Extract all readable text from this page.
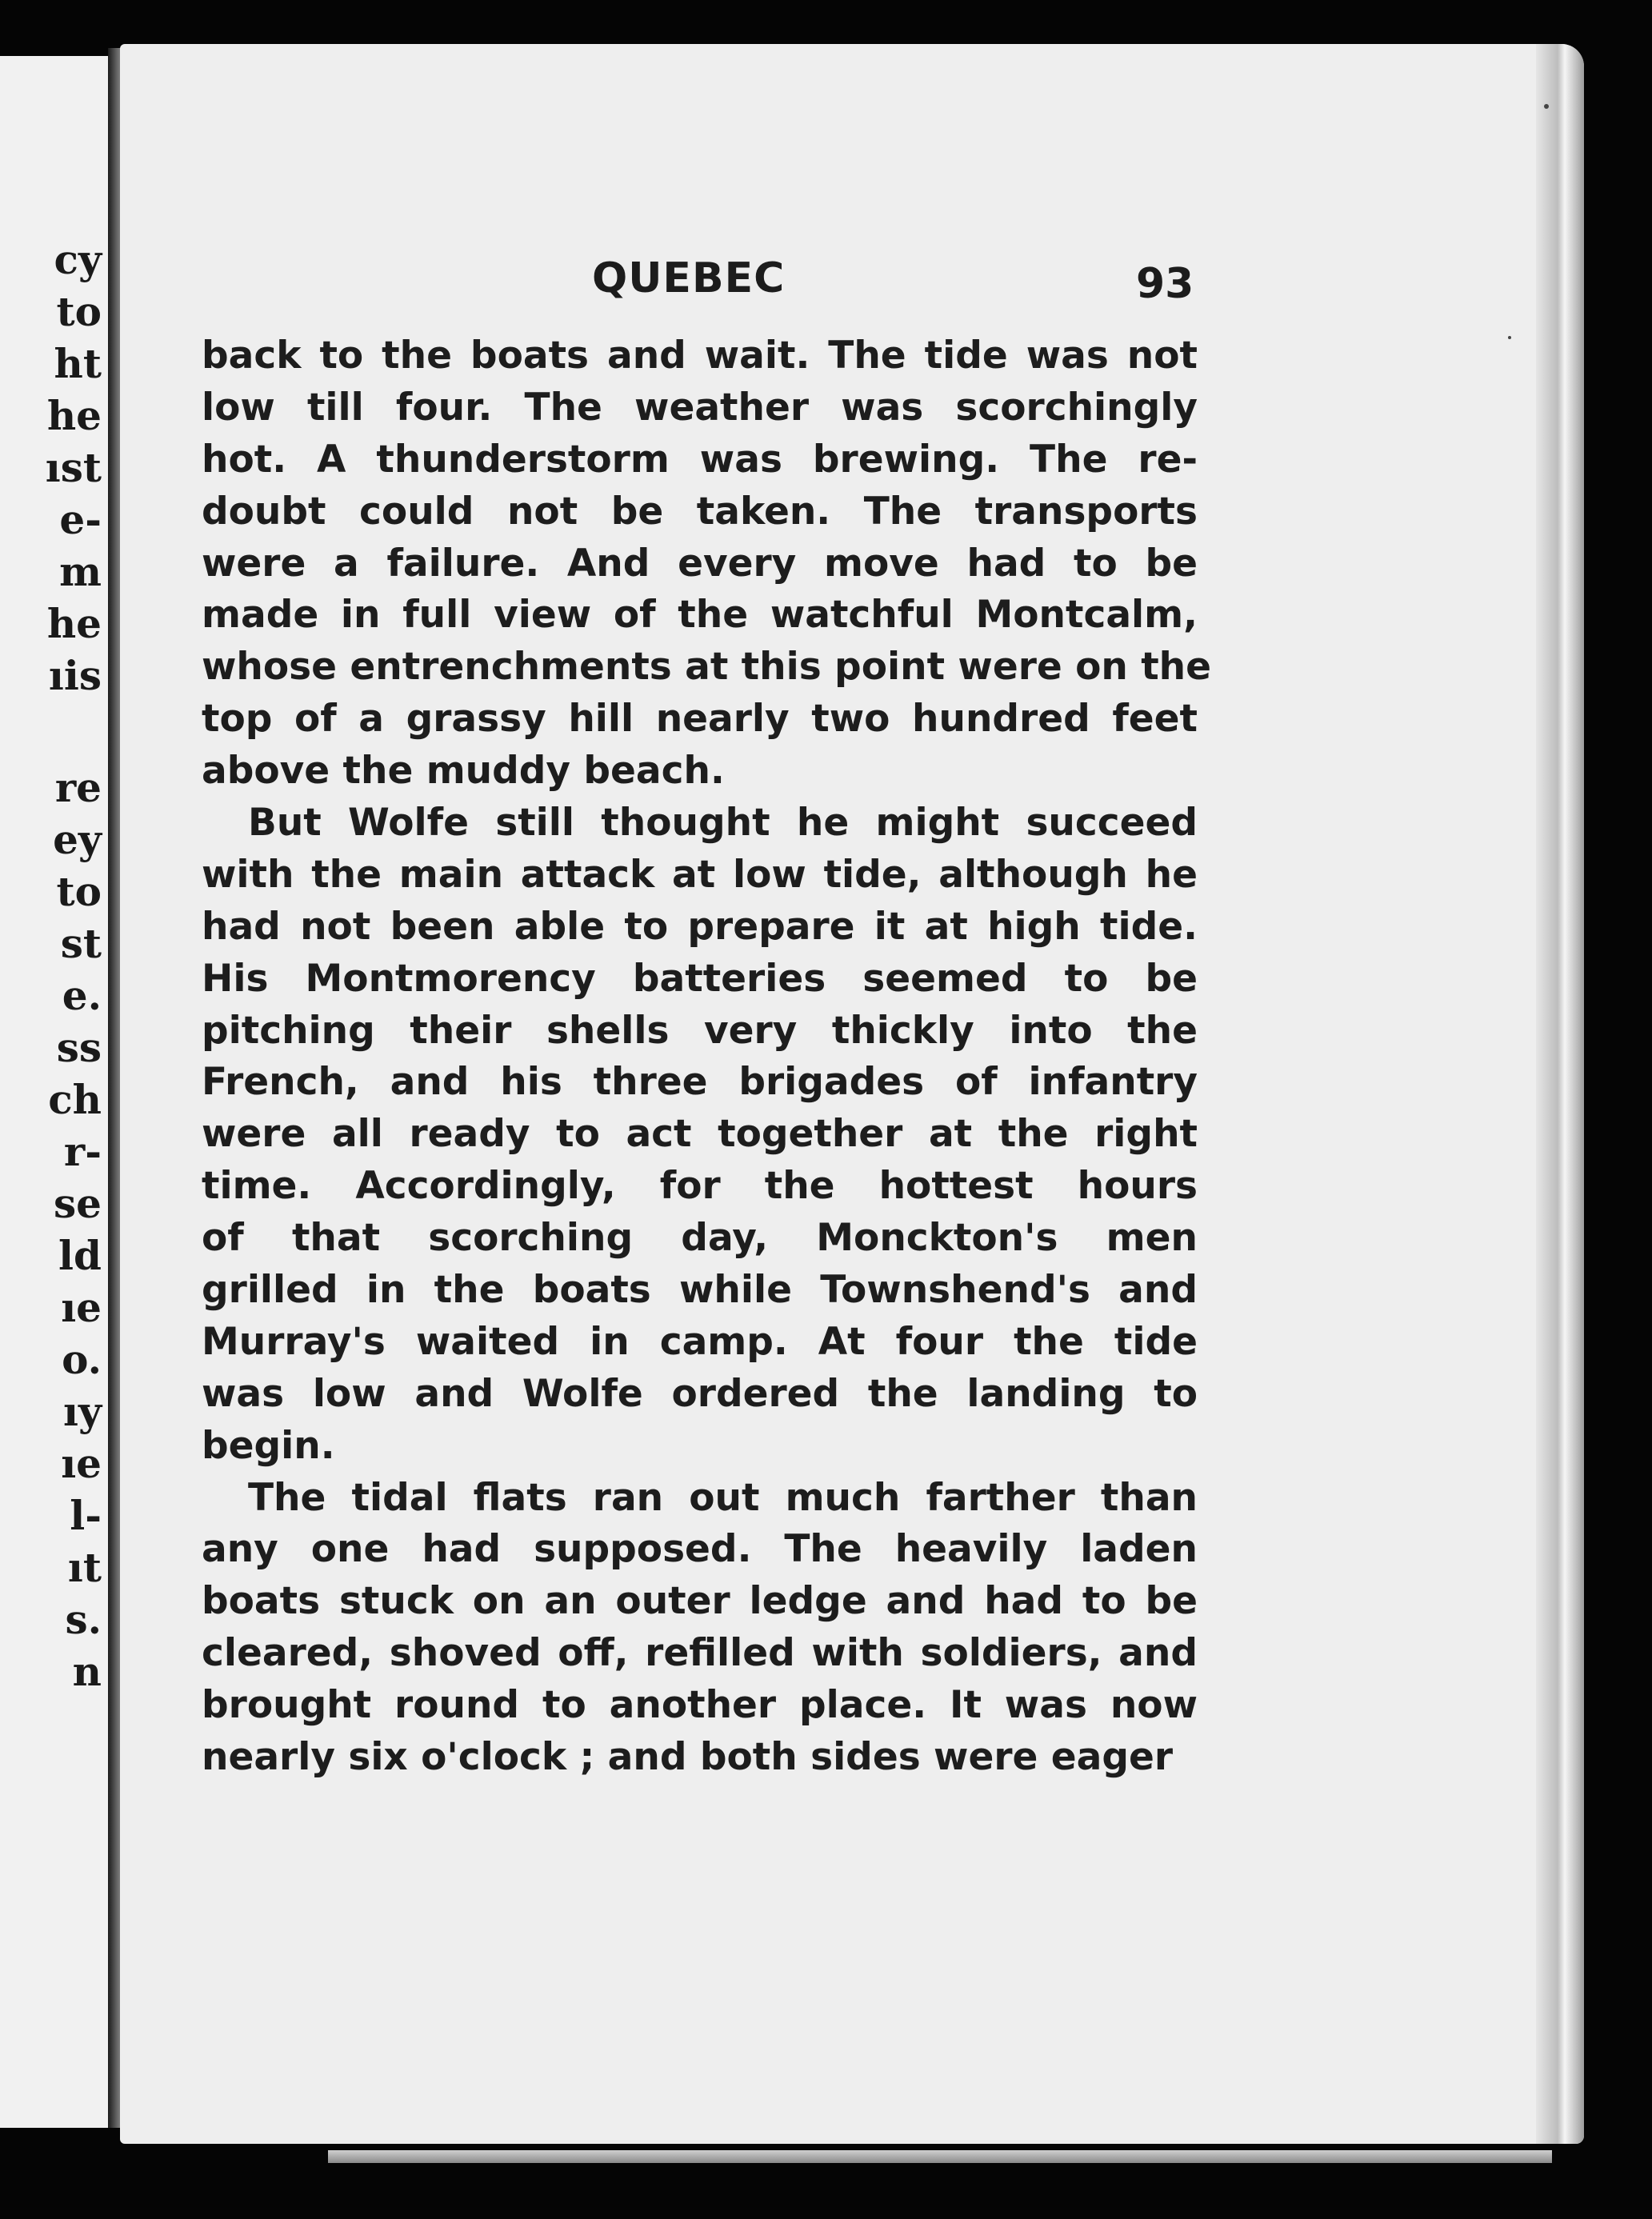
cy
to
ht
he
ıst
e-
m
he
ıis
re
ey
to
st
e.
ss
ch
r-
se
ld
ıe
o.
ıy
ıe
l-
ıt
s.
n
QUEBEC	93
back to the boats and wait. The tide was not
low till four. The weather was scorchingly
hot. A thunderstorm was brewing. The re-
doubt could not be taken. The transports
were a failure. And every move had to be
made in full view of the watchful Montcalm,
whose entrenchments at this point were on the
top of a grassy hill nearly two hundred feet
above the muddy beach.
But Wolfe still thought he might succeed
with the main attack at low tide, although he
had not been able to prepare it at high tide.
His Montmorency batteries seemed to be
pitching their shells very thickly into the
French, and his three brigades of infantry
were all ready to act together at the right
time. Accordingly, for the hottest hours
of that scorching day, Monckton's men
grilled in the boats while Townshend's and
Murray's waited in camp. At four the tide
was low and Wolfe ordered the landing to
begin.
The tidal flats ran out much farther than
any one had supposed. The heavily laden
boats stuck on an outer ledge and had to be
cleared, shoved off, refilled with soldiers, and
brought round to another place. It was now
nearly six o'clock ; and both sides were eager
